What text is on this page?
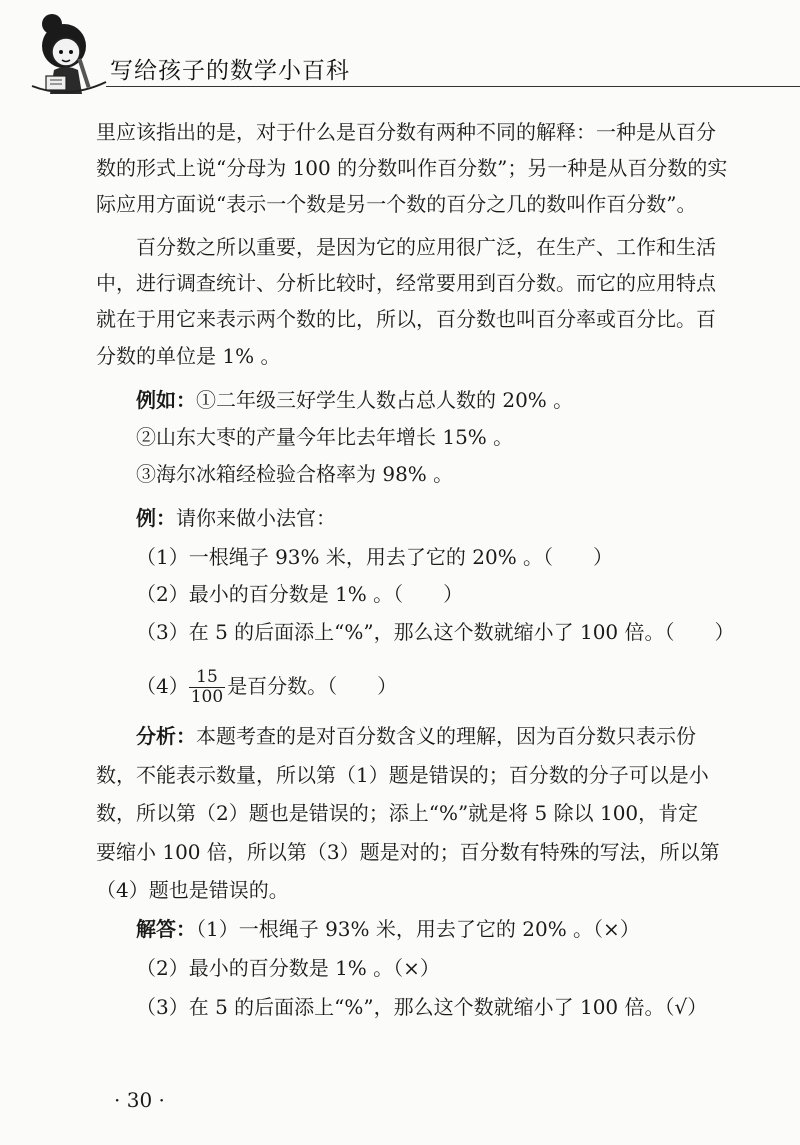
写给孩子的数学小百科
里应该指出的是，对于什么是百分数有两种不同的解释：一种是从百分
数的形式上说“分母为 100 的分数叫作百分数”；另一种是从百分数的实
际应用方面说“表示一个数是另一个数的百分之几的数叫作百分数”。
百分数之所以重要，是因为它的应用很广泛，在生产、工作和生活
中，进行调查统计、分析比较时，经常要用到百分数。而它的应用特点
就在于用它来表示两个数的比，所以，百分数也叫百分率或百分比。百
分数的单位是 1% 。
例如：①二年级三好学生人数占总人数的 20% 。
②山东大枣的产量今年比去年增长 15% 。
③海尔冰箱经检验合格率为 98% 。
例：请你来做小法官：
（1）一根绳子 93% 米，用去了它的 20% 。（　　）
（2）最小的百分数是 1% 。（　　）
（3）在 5 的后面添上“%”，那么这个数就缩小了 100 倍。（　　）
$(4) \frac{15}{100}$ 是百分数。（　　）
分析：本题考查的是对百分数含义的理解，因为百分数只表示份
数，不能表示数量，所以第（1）题是错误的；百分数的分子可以是小
数，所以第（2）题也是错误的；添上“%”就是将 5 除以 100，肯定
要缩小 100 倍，所以第（3）题是对的；百分数有特殊的写法，所以第
（4）题也是错误的。
解答：（1）一根绳子 93% 米，用去了它的 20% 。（×）
（2）最小的百分数是 1% 。（×）
（3）在 5 的后面添上“%”，那么这个数就缩小了 100 倍。（√）
· 30 ·
